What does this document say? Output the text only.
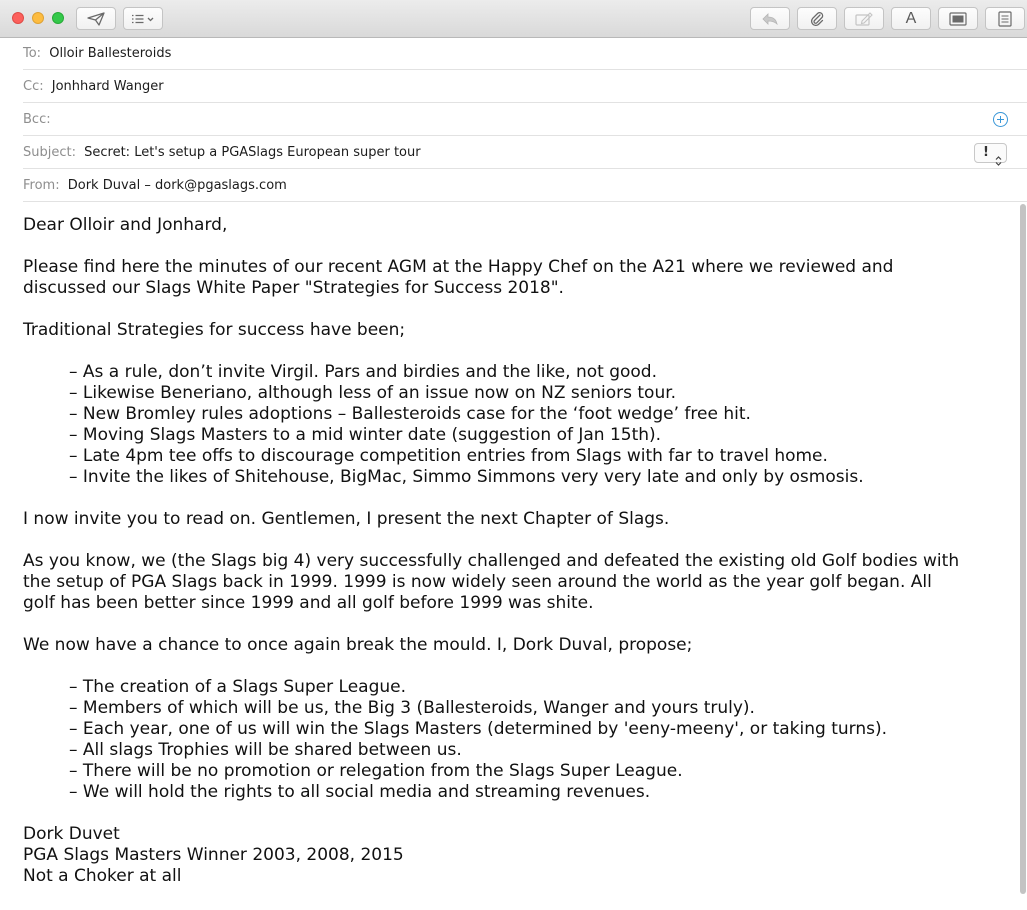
A
To: Olloir Ballesteroids
Cc: Jonhhard Wanger
Bcc:
Subject: Secret: Let's setup a PGASlags European super tour	!
From: Dork Duval – dork@pgaslags.com

Dear Olloir and Jonhard,

Please find here the minutes of our recent AGM at the Happy Chef on the A21 where we reviewed and

discussed our Slags White Paper "Strategies for Success 2018".

Traditional Strategies for success have been;

– As a rule, don’t invite Virgil. Pars and birdies and the like, not good.

– Likewise Beneriano, although less of an issue now on NZ seniors tour.

– New Bromley rules adoptions – Ballesteroids case for the ‘foot wedge’ free hit.

– Moving Slags Masters to a mid winter date (suggestion of Jan 15th).

– Late 4pm tee offs to discourage competition entries from Slags with far to travel home.

– Invite the likes of Shitehouse, BigMac, Simmo Simmons very very late and only by osmosis.

I now invite you to read on. Gentlemen, I present the next Chapter of Slags.

As you know, we (the Slags big 4) very successfully challenged and defeated the existing old Golf bodies with

the setup of PGA Slags back in 1999. 1999 is now widely seen around the world as the year golf began. All

golf has been better since 1999 and all golf before 1999 was shite.

We now have a chance to once again break the mould. I, Dork Duval, propose;

– The creation of a Slags Super League.

– Members of which will be us, the Big 3 (Ballesteroids, Wanger and yours truly).

– Each year, one of us will win the Slags Masters (determined by 'eeny-meeny', or taking turns).

– All slags Trophies will be shared between us.

– There will be no promotion or relegation from the Slags Super League.

– We will hold the rights to all social media and streaming revenues.

Dork Duvet

PGA Slags Masters Winner 2003, 2008, 2015

Not a Choker at all
